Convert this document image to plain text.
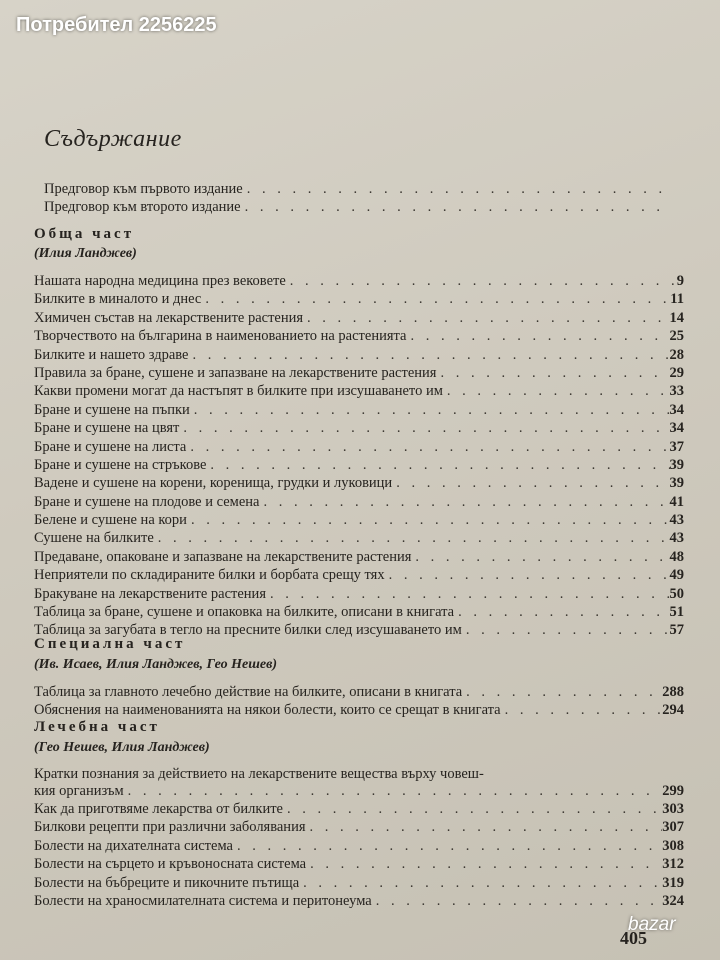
Потребител 2256225
Съдържание
Предговор към първото издание
. . .
Предговор към второто издание
. . .
Обща част
(Илия Ланджев)
Нашата народна медицина през вековете . . .	9
Билките в миналото и днес . . .	11
Химичен състав на лекарствените растения . . .	14
Творчеството на българина в наименованието на растенията . . .	25
Билките и нашето здраве . . .	28
Правила за бране, сушене и запазване на лекарствените растения . . .	29
Какви промени могат да настъпят в билките при изсушаването им . . .	33
Бране и сушене на пъпки . . .	34
Бране и сушене на цвят . . .	34
Бране и сушене на листа . . .	37
Бране и сушене на стръкове . . .	39
Вадене и сушене на корени, коренища, грудки и луковици . . .	39
Бране и сушене на плодове и семена . . .	41
Белене и сушене на кори . . .	43
Сушене на билките . . .	43
Предаване, опаковане и запазване на лекарствените растения . . .	48
Неприятели по складираните билки и борбата срещу тях . . .	49
Бракуване на лекарствените растения . . .	50
Таблица за бране, сушене и опаковка на билките, описани в книгата . . .	51
Таблица за загубата в тегло на пресните билки след изсушаването им . . .	57
Специална част
(Ив. Исаев, Илия Ланджев, Гео Нешев)
Таблица за главното лечебно действие на билките, описани в книгата . . .	288
Обяснения на наименованията на някои болести, които се срещат в книгата . . .	294
Лечебна част
(Гео Нешев, Илия Ланджев)
Кратки познания за действието на лекарствените вещества върху човеш-
кия организъм . . .	299
Как да приготвяме лекарства от билките . . .	303
Билкови рецепти при различни заболявания . . .	307
Болести на дихателната система . . .	308
Болести на сърцето и кръвоносната система . . .	312
Болести на бъбреците и пикочните пътища . . .	319
Болести на храносмилателната система и перитонеума . . .	324
405
bazar
